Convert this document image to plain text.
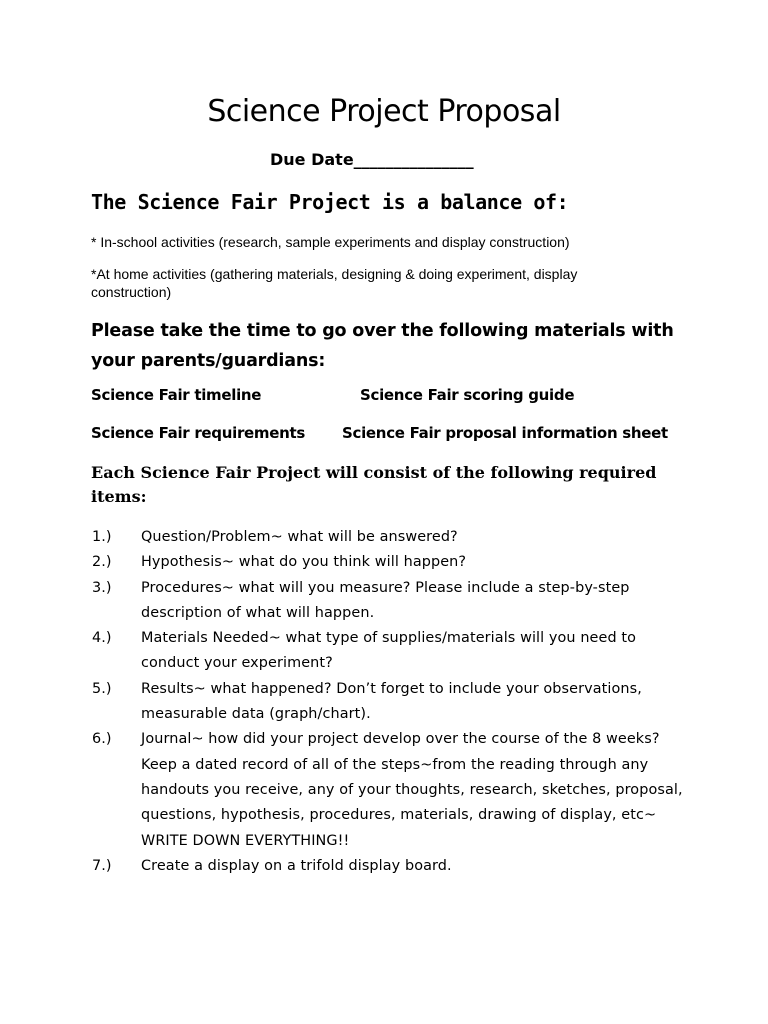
Science Project Proposal
Due Date_______________
The Science Fair Project is a balance of:
* In-school activities (research, sample experiments and display construction)
*At home activities (gathering materials, designing & doing experiment, display construction)
Please take the time to go over the following materials with your parents/guardians:
Science Fair timeline	Science Fair scoring guide
Science Fair requirements Science Fair proposal information sheet
Each Science Fair Project will consist of the following required items:
1.)	Question/Problem~ what will be answered?
2.)	Hypothesis~ what do you think will happen?
3.)	Procedures~ what will you measure? Please include a step-by-step description of what will happen.
4.)	Materials Needed~ what type of supplies/materials will you need to conduct your experiment?
5.)	Results~ what happened? Don’t forget to include your observations, measurable data (graph/chart).
6.)	Journal~ how did your project develop over the course of the 8 weeks? Keep a dated record of all of the steps~from the reading through any handouts you receive, any of your thoughts, research, sketches, proposal, questions, hypothesis, procedures, materials, drawing of display, etc~ WRITE DOWN EVERYTHING!!
7.)	Create a display on a trifold display board.
